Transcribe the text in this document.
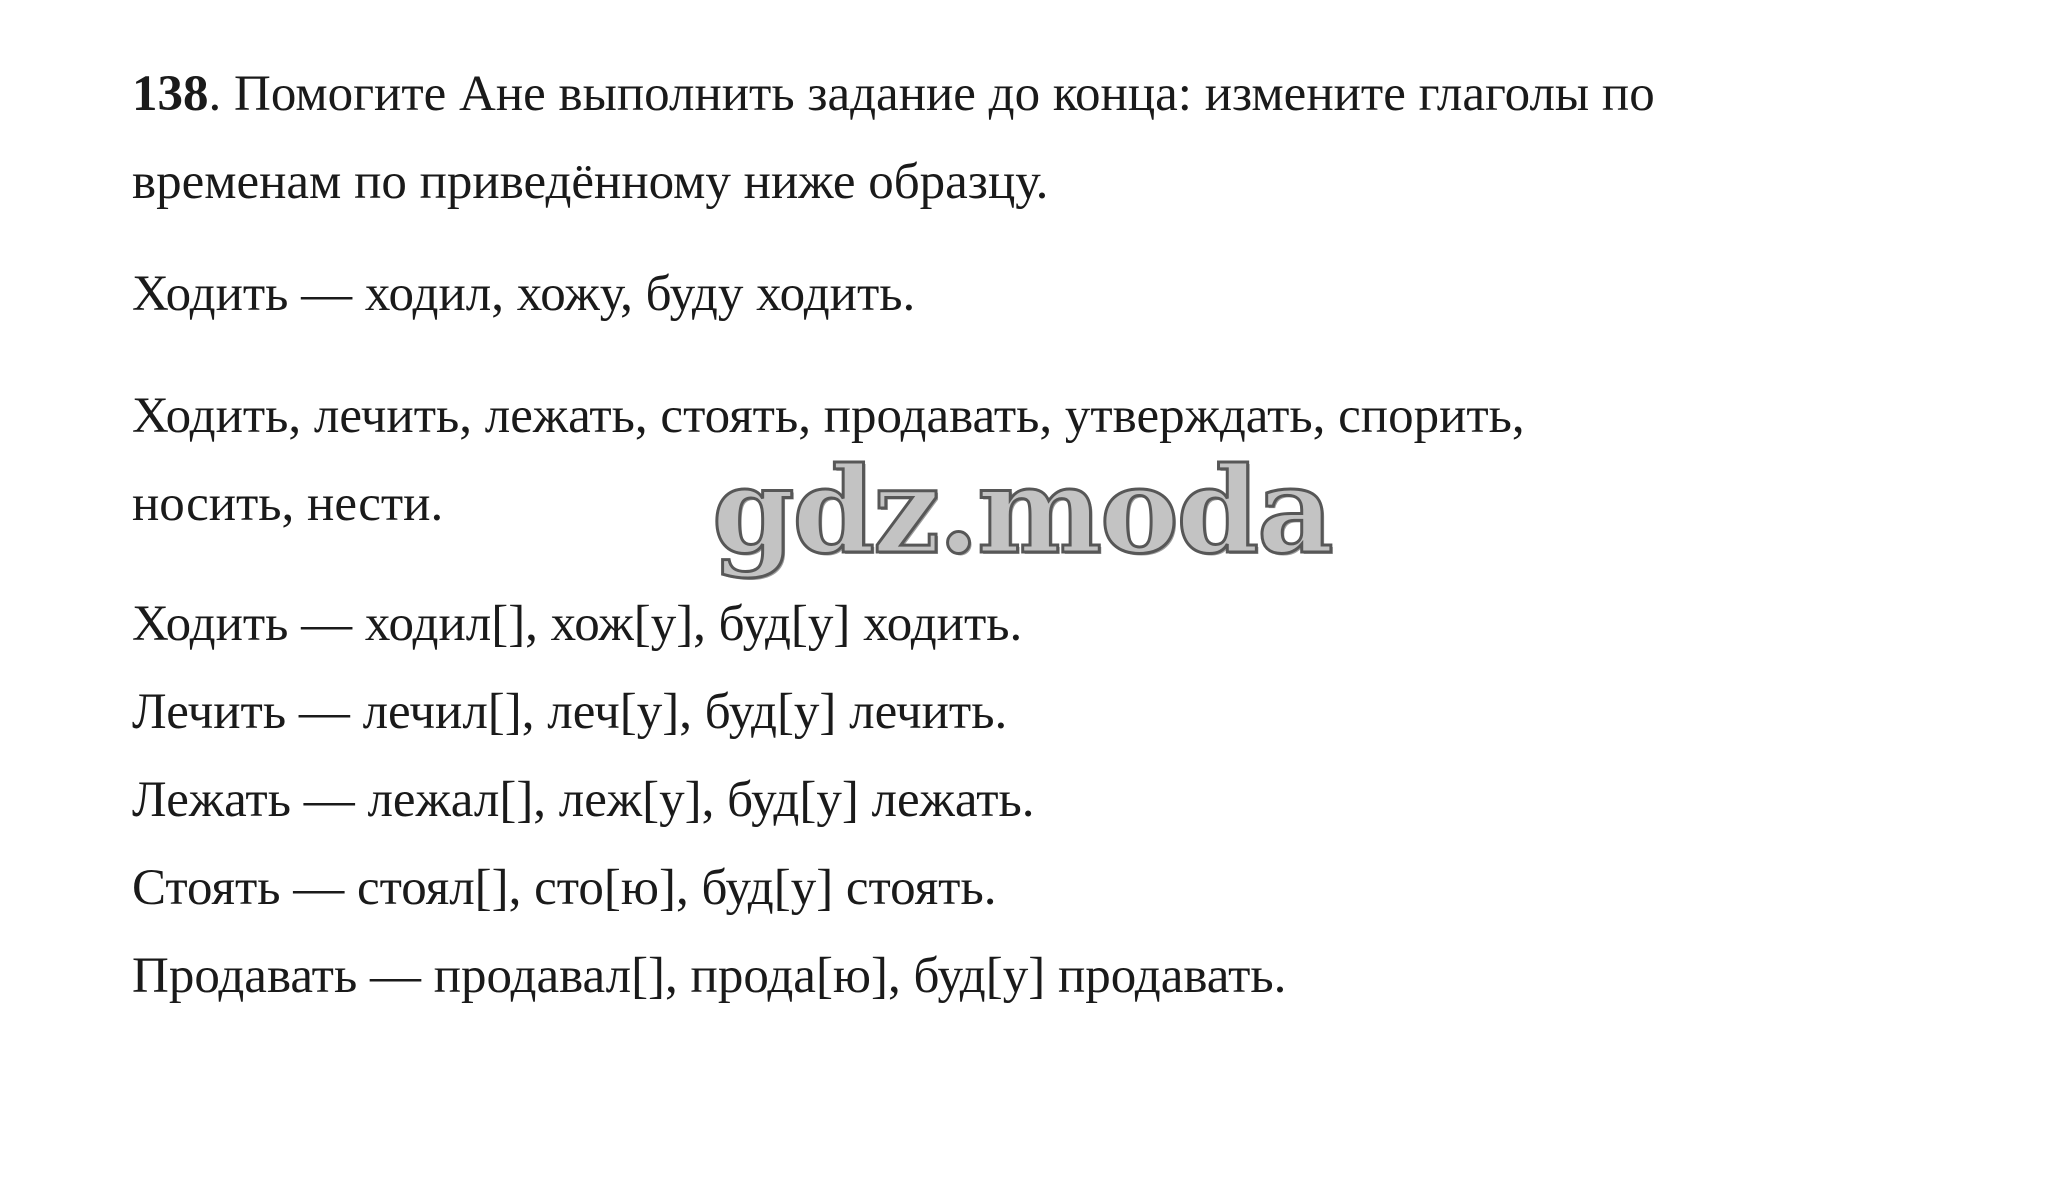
138. Помогите Ане выполнить задание до конца: измените глаголы по
временам по приведённому ниже образцу.
Ходить — ходил, хожу, буду ходить.
Ходить, лечить, лежать, стоять, продавать, утверждать, спорить,
носить, нести.
Ходить — ходил[], хож[у], буд[у] ходить.
Лечить — лечил[], леч[у], буд[у] лечить.
Лежать — лежал[], леж[у], буд[у] лежать.
Стоять — стоял[], сто[ю], буд[у] стоять.
Продавать — продавал[], прода[ю], буд[у] продавать.
gdz.moda
